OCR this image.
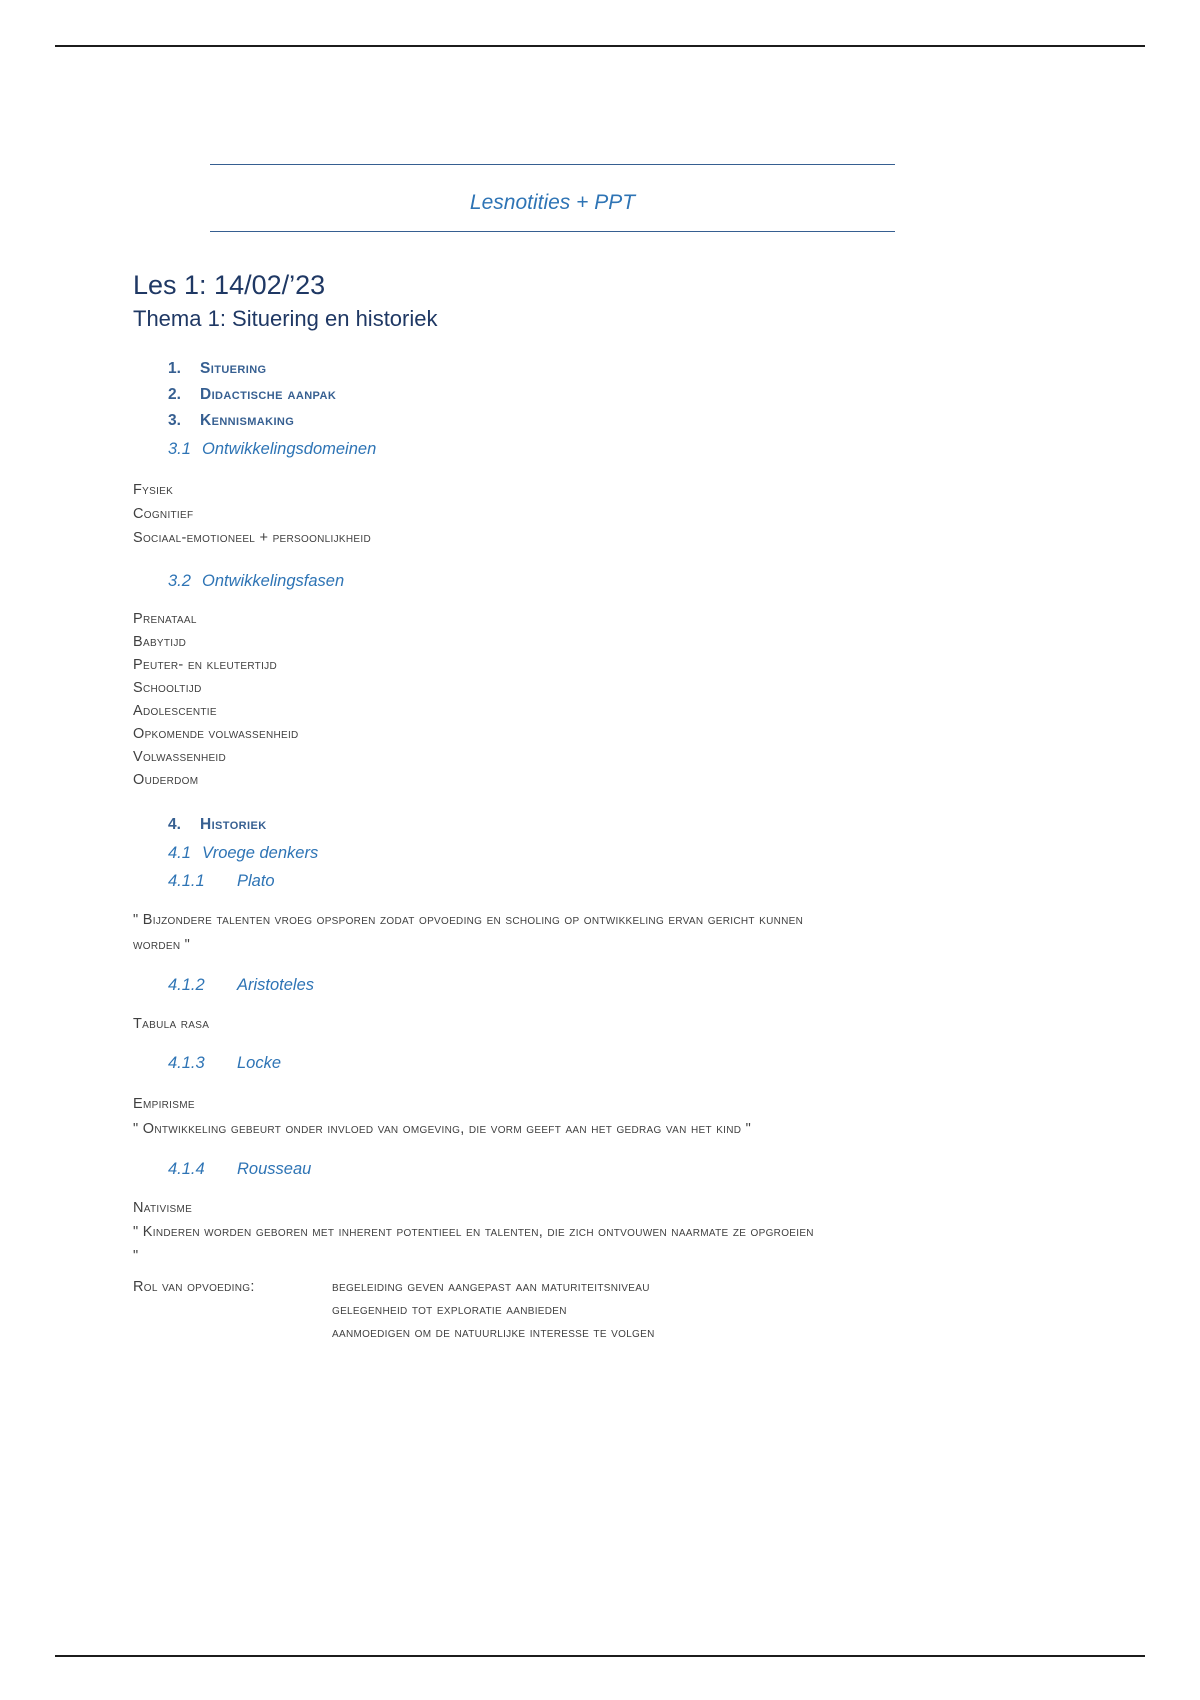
Lesnotities + PPT
Les 1: 14/02/’23
Thema 1: Situering en historiek
1. Situering
2. Didactische aanpak
3. Kennismaking
3.1 Ontwikkelingsdomeinen
Fysiek
Cognitief
Sociaal-emotioneel + persoonlijkheid
3.2 Ontwikkelingsfasen
Prenataal
Babytijd
Peuter- en kleutertijd
Schooltijd
Adolescentie
Opkomende volwassenheid
Volwassenheid
Ouderdom
4. Historiek
4.1 Vroege denkers
4.1.1 Plato
" Bijzondere talenten vroeg opsporen zodat opvoeding en scholing op ontwikkeling ervan gericht kunnen
worden "
4.1.2 Aristoteles
Tabula rasa
4.1.3 Locke
Empirisme
" Ontwikkeling gebeurt onder invloed van omgeving, die vorm geeft aan het gedrag van het kind "
4.1.4 Rousseau
Nativisme
" Kinderen worden geboren met inherent potentieel en talenten, die zich ontvouwen naarmate ze opgroeien
"
Rol van opvoeding:	begeleiding geven aangepast aan maturiteitsniveau
gelegenheid tot exploratie aanbieden
aanmoedigen om de natuurlijke interesse te volgen
